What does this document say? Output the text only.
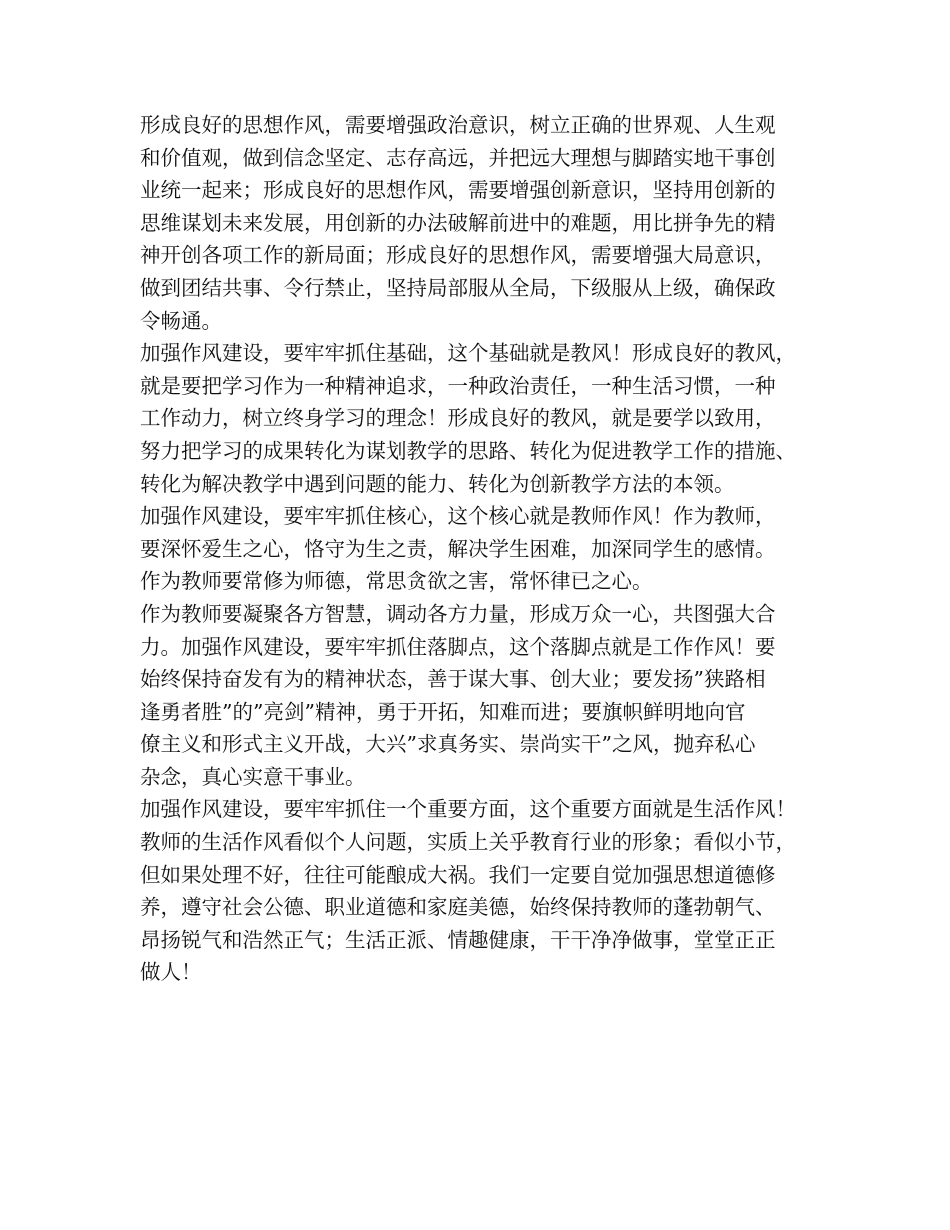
形成良好的思想作风，需要增强政治意识，树立正确的世界观、人生观
和价值观，做到信念坚定、志存高远，并把远大理想与脚踏实地干事创
业统一起来；形成良好的思想作风，需要增强创新意识，坚持用创新的
思维谋划未来发展，用创新的办法破解前进中的难题，用比拼争先的精
神开创各项工作的新局面；形成良好的思想作风，需要增强大局意识，
做到团结共事、令行禁止，坚持局部服从全局，下级服从上级，确保政
令畅通。
加强作风建设，要牢牢抓住基础，这个基础就是教风！形成良好的教风，
就是要把学习作为一种精神追求，一种政治责任，一种生活习惯，一种
工作动力，树立终身学习的理念！形成良好的教风，就是要学以致用，
努力把学习的成果转化为谋划教学的思路、转化为促进教学工作的措施、
转化为解决教学中遇到问题的能力、转化为创新教学方法的本领。
加强作风建设，要牢牢抓住核心，这个核心就是教师作风！作为教师，
要深怀爱生之心，恪守为生之责，解决学生困难，加深同学生的感情。
作为教师要常修为师德，常思贪欲之害，常怀律已之心。
作为教师要凝聚各方智慧，调动各方力量，形成万众一心，共图强大合
力。加强作风建设，要牢牢抓住落脚点，这个落脚点就是工作作风！要
始终保持奋发有为的精神状态，善于谋大事、创大业；要发扬”狭路相
逢勇者胜”的”亮剑”精神，勇于开拓，知难而进；要旗帜鲜明地向官
僚主义和形式主义开战，大兴”求真务实、崇尚实干”之风，抛弃私心
杂念，真心实意干事业。
加强作风建设，要牢牢抓住一个重要方面，这个重要方面就是生活作风！
教师的生活作风看似个人问题，实质上关乎教育行业的形象；看似小节，
但如果处理不好，往往可能酿成大祸。我们一定要自觉加强思想道德修
养，遵守社会公德、职业道德和家庭美德，始终保持教师的蓬勃朝气、
昂扬锐气和浩然正气；生活正派、情趣健康，干干净净做事，堂堂正正
做人！
